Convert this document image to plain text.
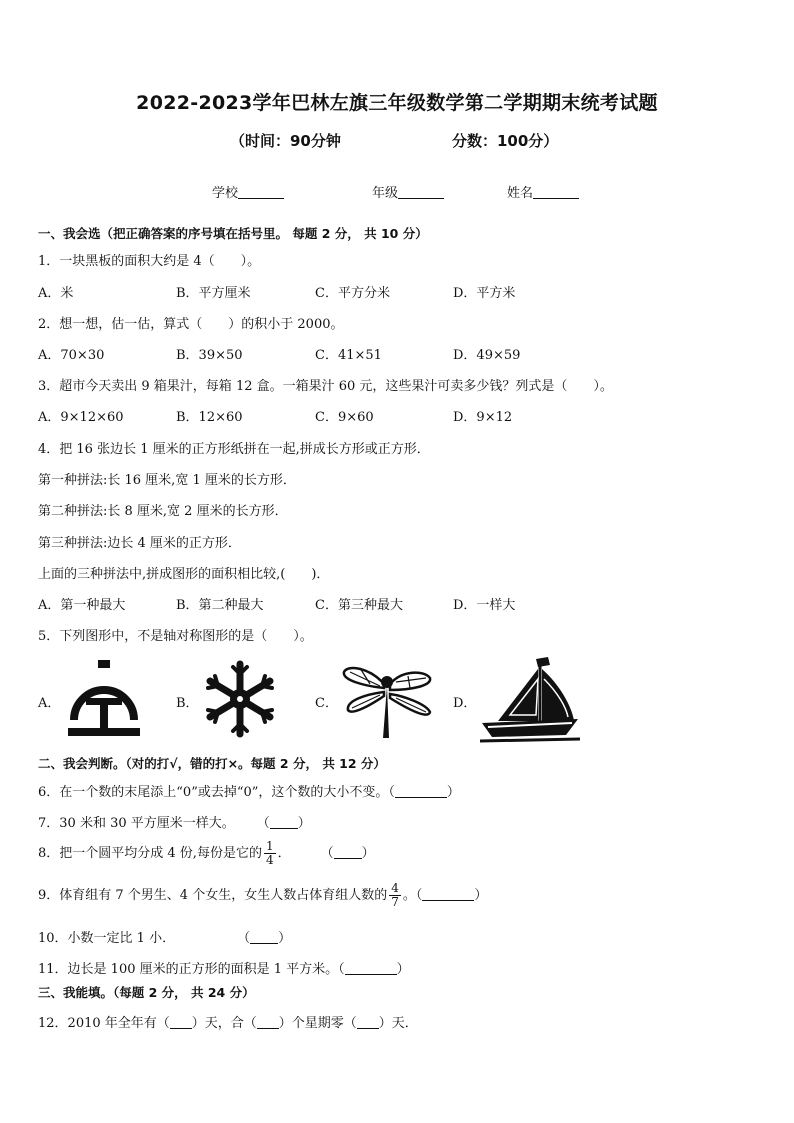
2022-2023学年巴林左旗三年级数学第二学期期末统考试题
（时间：90分钟	分数：100分）
学校	年级	姓名
一、我会选（把正确答案的序号填在括号里。 每题 2 分， 共 10 分）
1．一块黑板的面积大约是 4（　　）。
A．米	B．平方厘米	C．平方分米	D．平方米
2．想一想，估一估，算式（　　）的积小于 2000。
A．70×30	B．39×50	C．41×51	D．49×59
3．超市今天卖出 9 箱果汁，每箱 12 盒。一箱果汁 60 元，这些果汁可卖多少钱？列式是（　　）。
A．9×12×60	B．12×60	C．9×60	D．9×12
4．把 16 张边长 1 厘米的正方形纸拼在一起,拼成长方形或正方形．
第一种拼法:长 16 厘米,宽 1 厘米的长方形．
第二种拼法:长 8 厘米,宽 2 厘米的长方形．
第三种拼法:边长 4 厘米的正方形．
上面的三种拼法中,拼成图形的面积相比较,(　　)．
A．第一种最大	B．第二种最大	C．第三种最大	D．一样大
5．下列图形中，不是轴对称图形的是（　　）。
A．	B．	C．	D．
二、我会判断。（对的打√，错的打×。每题 2 分， 共 12 分）
6．在一个数的末尾添上“0”或去掉“0”，这个数的大小不变。（	）
7．30 米和 30 平方厘米一样大。 （ ）
8．把一个圆平均分成 4 份,每份是它的 $\frac{1}{4}$ ． （ ）
9．体育组有 7 个男生、4 个女生，女生人数占体育组人数的 $\frac{4}{7}$ 。（	）
10．小数一定比 1 小．	（ ）
11．边长是 100 厘米的正方形的面积是 1 平方米。（	）
三、我能填。（每题 2 分， 共 24 分）
12．2010 年全年有（ ）天，合（ ）个星期零（ ）天．
